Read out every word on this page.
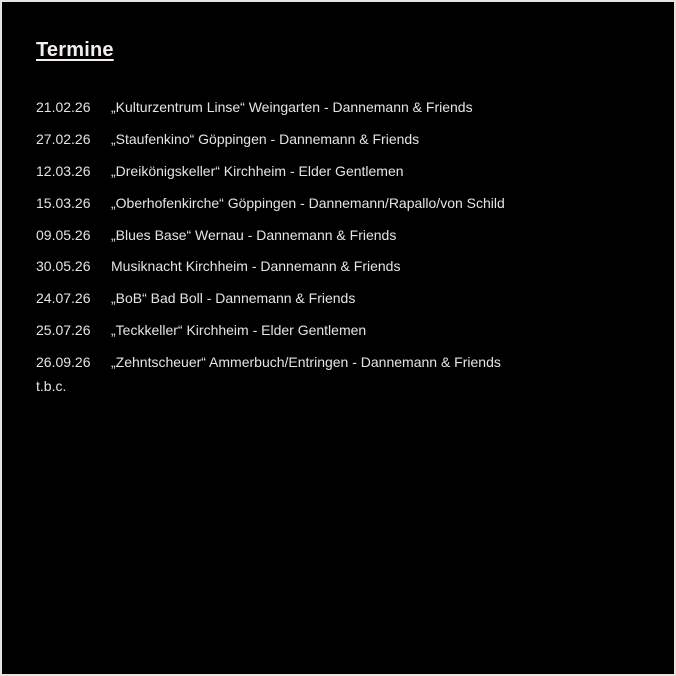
Termine
21.02.26	„Kulturzentrum Linse“ Weingarten - Dannemann & Friends
27.02.26	„Staufenkino“ Göppingen - Dannemann & Friends
12.03.26	„Dreikönigskeller“ Kirchheim - Elder Gentlemen
15.03.26	„Oberhofenkirche“ Göppingen - Dannemann/Rapallo/von Schild
09.05.26	„Blues Base“ Wernau - Dannemann & Friends
30.05.26	Musiknacht Kirchheim - Dannemann & Friends
24.07.26	„BoB“ Bad Boll - Dannemann & Friends
25.07.26	„Teckkeller“ Kirchheim - Elder Gentlemen
26.09.26	„Zehntscheuer“ Ammerbuch/Entringen - Dannemann & Friends

t.b.c.
